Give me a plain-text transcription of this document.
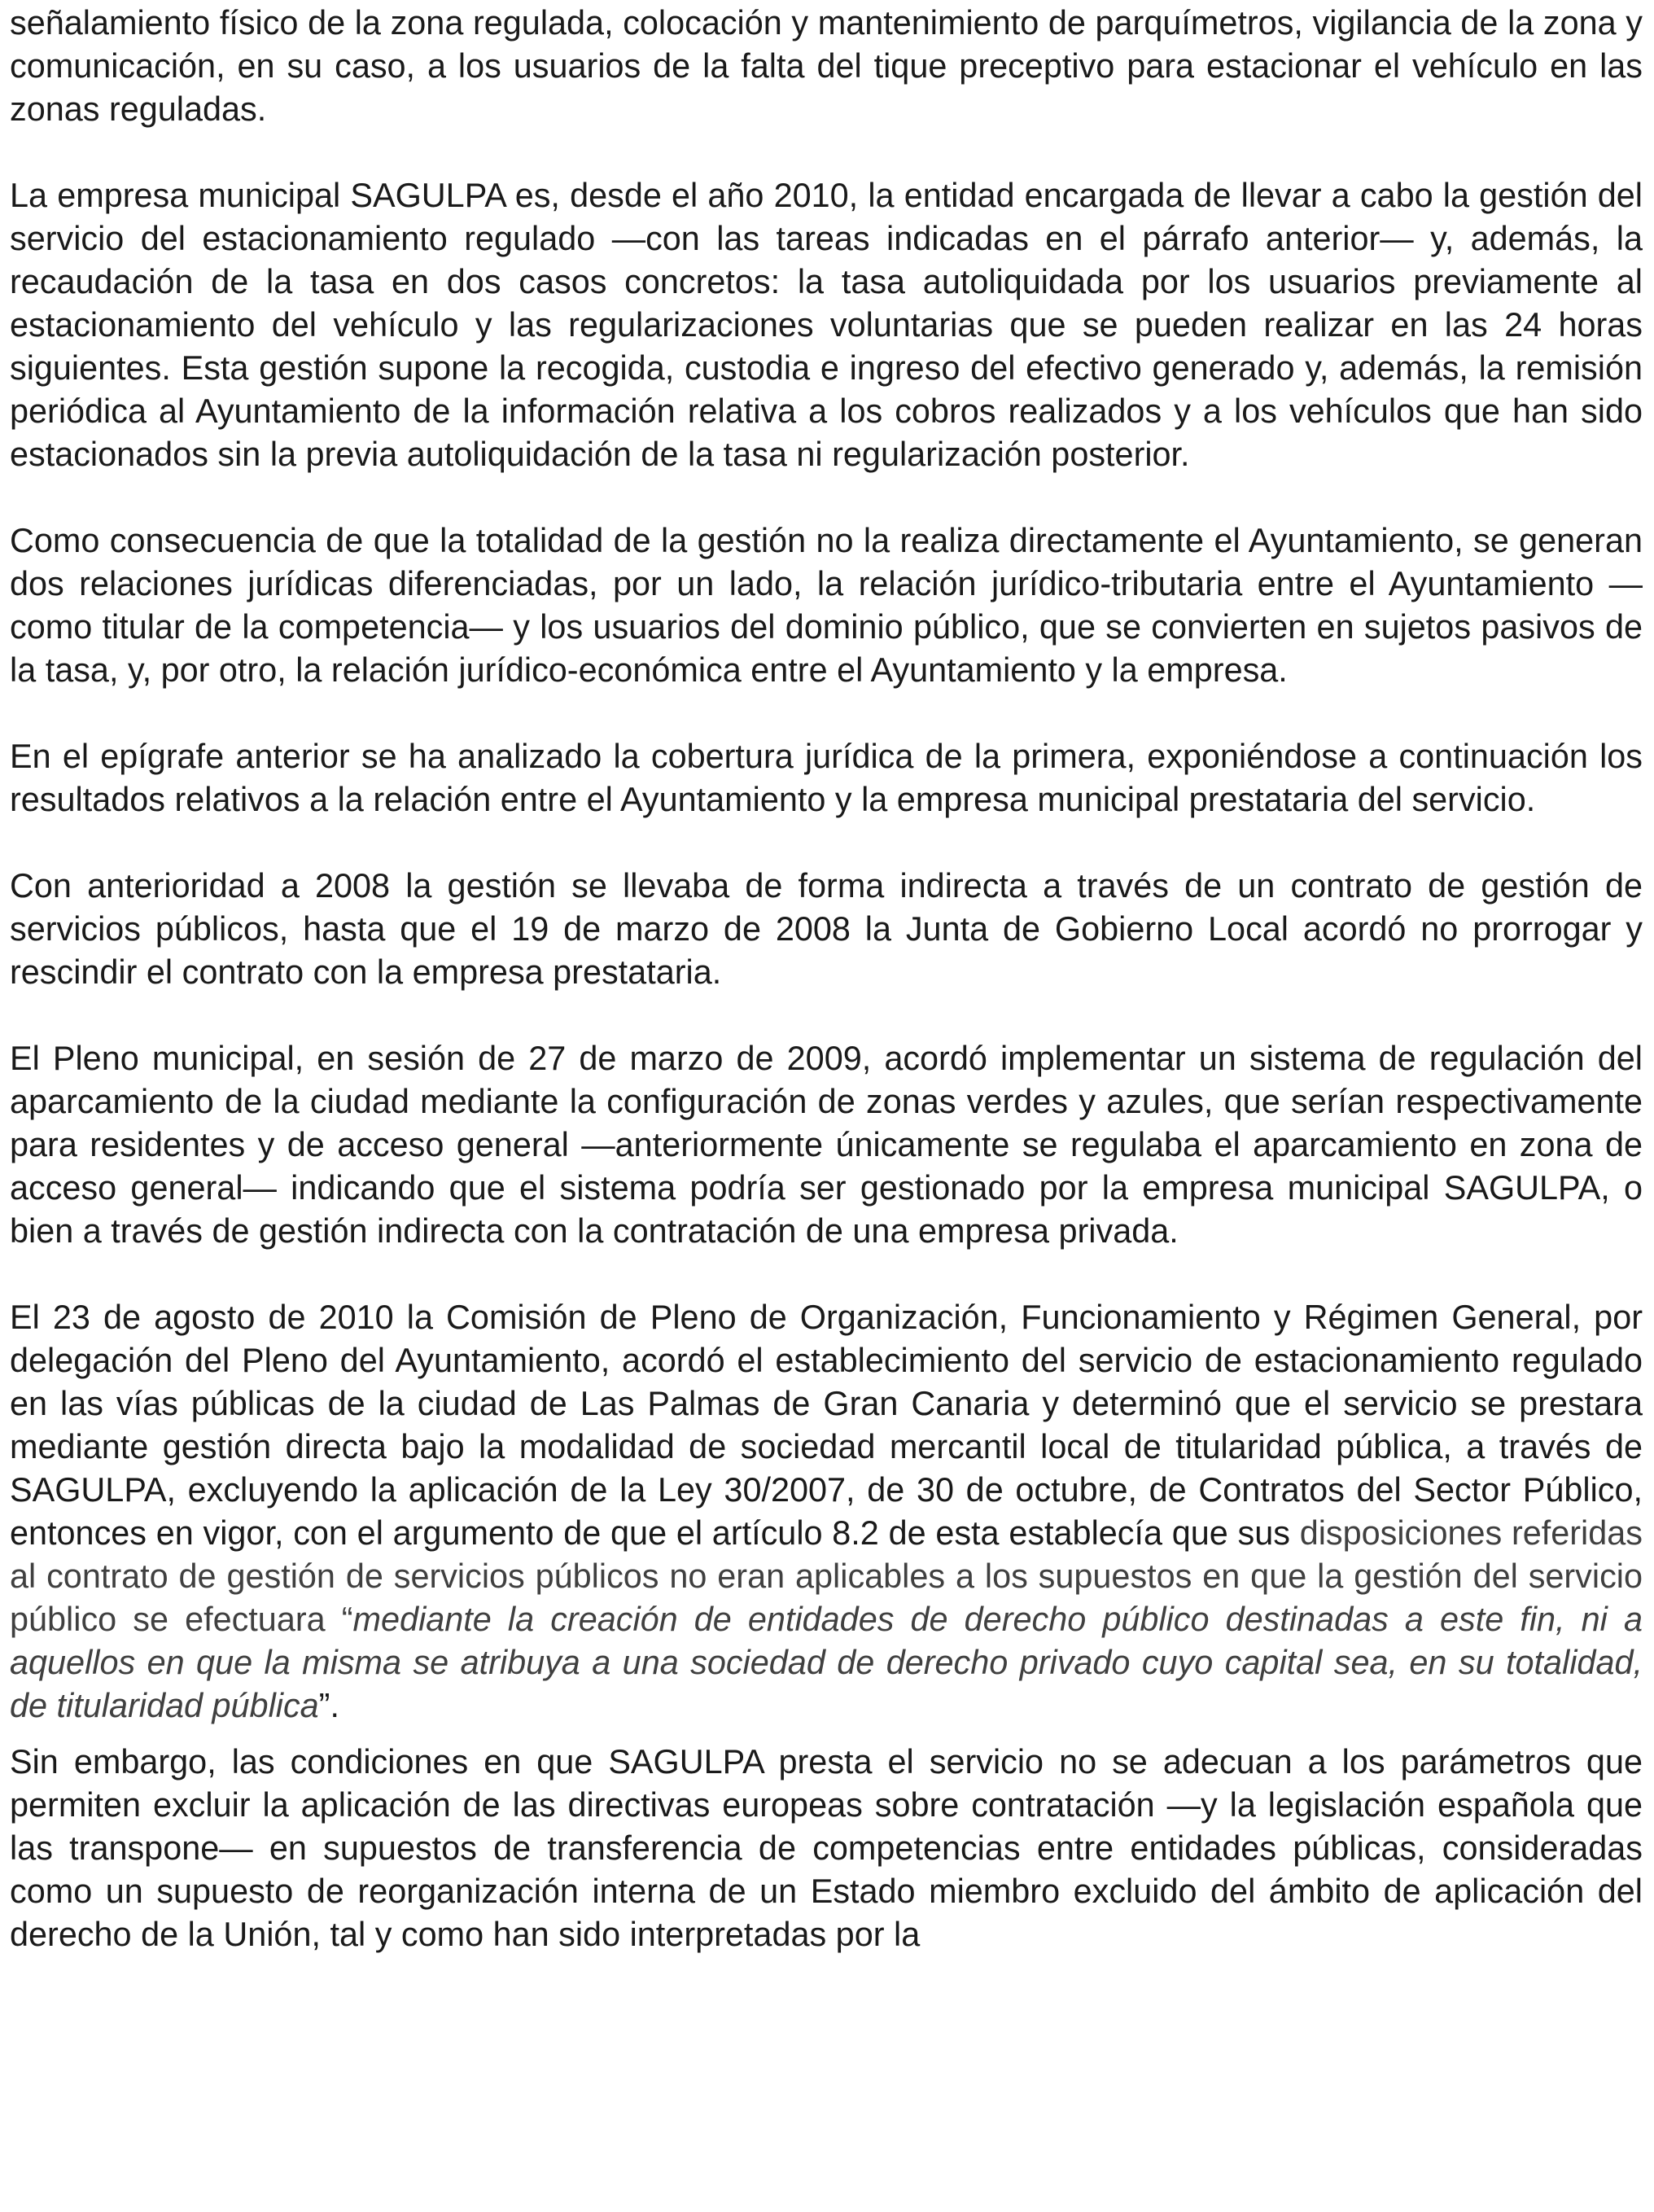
señalamiento físico de la zona regulada, colocación y mantenimiento de parquímetros, vigilancia de la zona y comunicación, en su caso, a los usuarios de la falta del tique preceptivo para estacionar el vehículo en las zonas reguladas.

La empresa municipal SAGULPA es, desde el año 2010, la entidad encargada de llevar a cabo la gestión del servicio del estacionamiento regulado —con las tareas indicadas en el párrafo anterior— y, además, la recaudación de la tasa en dos casos concretos: la tasa autoliquidada por los usuarios previamente al estacionamiento del vehículo y las regularizaciones voluntarias que se pueden realizar en las 24 horas siguientes. Esta gestión supone la recogida, custodia e ingreso del efectivo generado y, además, la remisión periódica al Ayuntamiento de la información relativa a los cobros realizados y a los vehículos que han sido estacionados sin la previa autoliquidación de la tasa ni regularización posterior.

Como consecuencia de que la totalidad de la gestión no la realiza directamente el Ayuntamiento, se generan dos relaciones jurídicas diferenciadas, por un lado, la relación jurídico-tributaria entre el Ayuntamiento —como titular de la competencia— y los usuarios del dominio público, que se convierten en sujetos pasivos de la tasa, y, por otro, la relación jurídico-económica entre el Ayuntamiento y la empresa.

En el epígrafe anterior se ha analizado la cobertura jurídica de la primera, exponiéndose a continuación los resultados relativos a la relación entre el Ayuntamiento y la empresa municipal prestataria del servicio.

Con anterioridad a 2008 la gestión se llevaba de forma indirecta a través de un contrato de gestión de servicios públicos, hasta que el 19 de marzo de 2008 la Junta de Gobierno Local acordó no prorrogar y rescindir el contrato con la empresa prestataria.

El Pleno municipal, en sesión de 27 de marzo de 2009, acordó implementar un sistema de regulación del aparcamiento de la ciudad mediante la configuración de zonas verdes y azules, que serían respectivamente para residentes y de acceso general —anteriormente únicamente se regulaba el aparcamiento en zona de acceso general— indicando que el sistema podría ser gestionado por la empresa municipal SAGULPA, o bien a través de gestión indirecta con la contratación de una empresa privada.

El 23 de agosto de 2010 la Comisión de Pleno de Organización, Funcionamiento y Régimen General, por delegación del Pleno del Ayuntamiento, acordó el establecimiento del servicio de estacionamiento regulado en las vías públicas de la ciudad de Las Palmas de Gran Canaria y determinó que el servicio se prestara mediante gestión directa bajo la modalidad de sociedad mercantil local de titularidad pública, a través de SAGULPA, excluyendo la aplicación de la Ley 30/2007, de 30 de octubre, de Contratos del Sector Público, entonces en vigor, con el argumento de que el artículo 8.2 de esta establecía que sus disposiciones referidas al contrato de gestión de servicios públicos no eran aplicables a los supuestos en que la gestión del servicio público se efectuara “mediante la creación de entidades de derecho público destinadas a este fin, ni a aquellos en que la misma se atribuya a una sociedad de derecho privado cuyo capital sea, en su totalidad, de titularidad pública”.

Sin embargo, las condiciones en que SAGULPA presta el servicio no se adecuan a los parámetros que permiten excluir la aplicación de las directivas europeas sobre contratación —y la legislación española que las transpone— en supuestos de transferencia de competencias entre entidades públicas, consideradas como un supuesto de reorganización interna de un Estado miembro excluido del ámbito de aplicación del derecho de la Unión, tal y como han sido interpretadas por la
